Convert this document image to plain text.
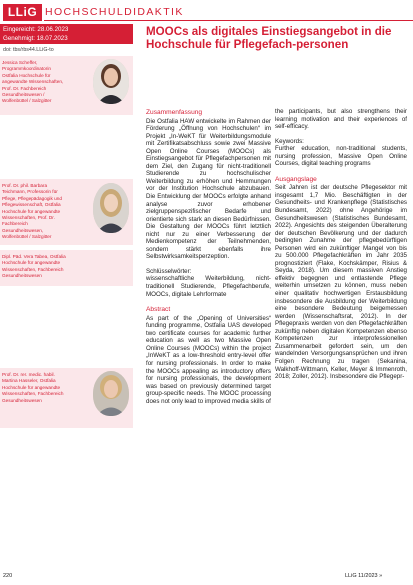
LLiG HOCHSCHULDIDAKTIK
Eingereicht: 28.06.2023
Genehmigt: 18.07.2023
doi: tbs/rbs44.LLiG-to
MOOCs als digitales Einstiegsangebot in die Hochschule für Pflegefach-personen
Jessica Scheffer, Programmkoordinatorin Ostfalia Hochschule für angewandte Wissenschaften, Prof. Dr. Fachbereich Gesundheitswesen / Wolfenbüttel / Salzgitter
Prof. Dr. phil. Barbara Teichmann, Professorin für Pflege, Pflegepädagogik und Pflegewissenschaft, Ostfalia Hochschule für angewandte Wissenschaften, Prof. Dr. Fachbereich Gesundheitswesen, Wolfenbüttel / Salzgitter
Dipl. Päd. Vera Tabea, Ostfalia Hochschule für angewandte Wissenschaften, Fachbereich Gesundheitswesen
Prof. Dr. rer. medic. habil. Martina Hasseler, Ostfalia Hochschule für angewandte Wissenschaften, Fachbereich Gesundheitswesen

Zusammenfassung

Die Ostfalia HAW entwickelte im Rahmen der Förderung „Öffnung von Hochschulen“ im Projekt „In-WeKT für Weiterbildungsmodule mit Zertifikatsabschluss sowie zwei Massive Open Online Courses (MOOCs) als Einstiegsangebot für Pflegefachpersonen mit dem Ziel, den Zugang für nicht-traditionell Studierende zu hochschulischer Weiterbildung zu erhöhen und Hemmungen vor der Institution Hochschule abzubauen. Die Entwicklung der MOOCs erfolgte anhand analyse zuvor erhobener zielgruppenspezifischer Bedarfe und orientierte sich stark an diesen Bedürfnissen. Die Gestaltung der MOOCs führt letztlich nicht nur zu einer Verbesserung der Medienkompetenz der Teilnehmenden, sondern stärkt ebenfalls ihre Selbstwirksamkeitsperzeption.

Schlüsselwörter:

wissenschaftliche Weiterbildung, nicht-traditionell Studierende, Pflegefachberufe, MOOCs, digitale Lehrformate

Abstract

As part of the „Opening of Universities“ funding programme, Ostfalia UAS developed two certificate courses for academic further education as well as two Massive Open Online Courses (MOOCs) within the project „InWeKT as a low-threshold entry-level offer for nursing professionals. In order to make the MOOCs appealing as introductory offers for nursing professionals, the development was based on previously determined target group-specific needs. The MOOC processing does not only lead to improved media skills of

the participants, but also strengthens their learning motivation and their experiences of self-efficacy.

Keywords:

Further education, non-traditional students, nursing profession, Massive Open Online Courses, digital teaching programs

Ausgangslage

Seit Jahren ist der deutsche Pflegesektor mit insgesamt 1,7 Mio. Beschäftigten in der Gesundheits- und Krankenpflege (Statistisches Bundesamt, 2022) ohne Angehörige im Gesundheitswesen (Statistisches Bundesamt, 2022). Angesichts des steigenden Überalterung der deutschen Bevölkerung und der dadurch bedingten Zunahme der pflegebedürftigen Personen wird ein zukünftiger Mangel von bis zu 500.000 Pflegefachkräften im Jahr 2035 prognostiziert (Flake, Kochskämper, Risius & Seyda, 2018). Um diesem massiven Anstieg effektiv begegnen und entlastende Pflege weiterhin umsetzen zu können, muss neben einer qualitativ hochwertigen Erstausbildung insbesondere die Ausbildung der Weiterbildung eine besondere Bedeutung beigemessen werden (Wissenschaftsrat, 2012). In der Pflegepraxis werden von den Pflegefachkräften zukünftig neben digitalen Kompetenzen ebenso Kompetenzen zur interprofessionellen Zusammenarbeit gefordert sein, um den wandelnden Versorgungsansprüchen und ihren Folgen Rechnung zu tragen (Sekanina, Walkhoff-Wittmann, Keller, Meyer & Immenroth, 2018; Zoller, 2012). Insbesondere die Pflegepr-

220	LLiG 11/2023 »
